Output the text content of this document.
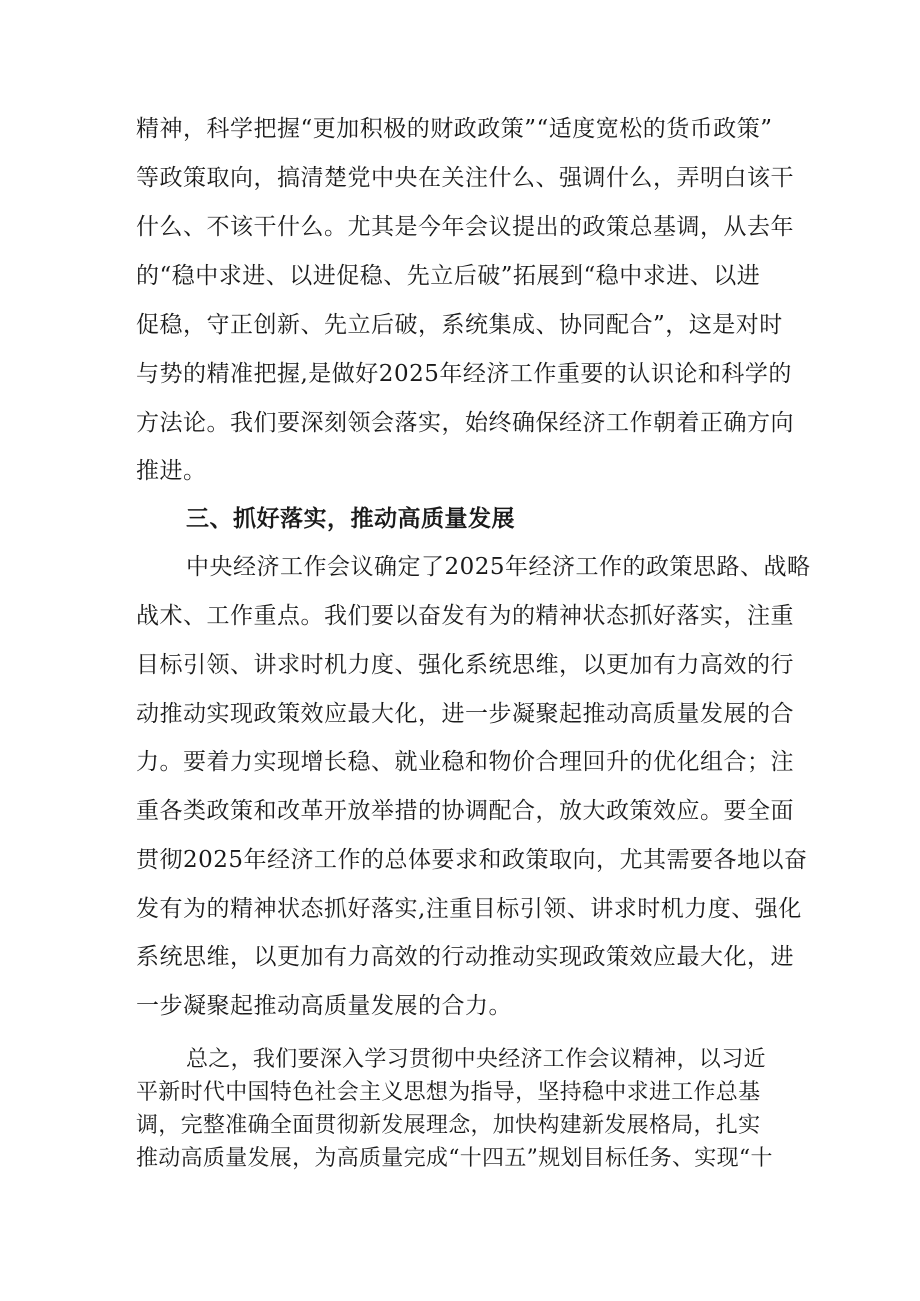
精神，科学把握“更加积极的财政政策”“适度宽松的货币政策”
等政策取向，搞清楚党中央在关注什么、强调什么，弄明白该干
什么、不该干什么。尤其是今年会议提出的政策总基调，从去年
的“稳中求进、以进促稳、先立后破”拓展到“稳中求进、以进
促稳，守正创新、先立后破，系统集成、协同配合”，这是对时
与势的精准把握,是做好2025年经济工作重要的认识论和科学的
方法论。我们要深刻领会落实，始终确保经济工作朝着正确方向
推进。
三、抓好落实，推动高质量发展
中央经济工作会议确定了2025年经济工作的政策思路、战略
战术、工作重点。我们要以奋发有为的精神状态抓好落实，注重
目标引领、讲求时机力度、强化系统思维，以更加有力高效的行
动推动实现政策效应最大化，进一步凝聚起推动高质量发展的合
力。要着力实现增长稳、就业稳和物价合理回升的优化组合；注
重各类政策和改革开放举措的协调配合，放大政策效应。要全面
贯彻2025年经济工作的总体要求和政策取向，尤其需要各地以奋
发有为的精神状态抓好落实,注重目标引领、讲求时机力度、强化
系统思维，以更加有力高效的行动推动实现政策效应最大化，进
一步凝聚起推动高质量发展的合力。
总之，我们要深入学习贯彻中央经济工作会议精神，以习近
平新时代中国特色社会主义思想为指导，坚持稳中求进工作总基
调，完整准确全面贯彻新发展理念，加快构建新发展格局，扎实
推动高质量发展，为高质量完成“十四五”规划目标任务、实现“十
